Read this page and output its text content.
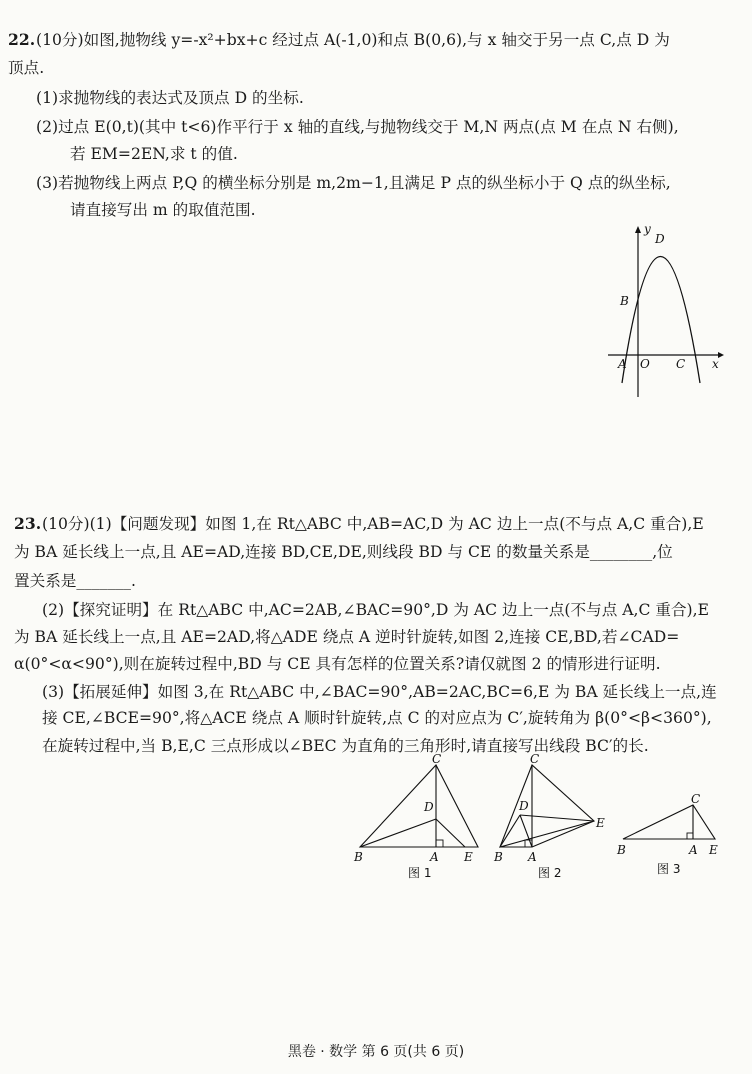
22. (10分)如图,抛物线 y=-x²+bx+c 经过点 A(-1,0)和点 B(0,6),与 x 轴交于另一点 C,点 D 为
顶点.
(1)求抛物线的表达式及顶点 D 的坐标.
(2)过点 E(0,t)(其中 t<6)作平行于 x 轴的直线,与抛物线交于 M,N 两点(点 M 在点 N 右侧),
若 EM=2EN,求 t 的值.
(3)若抛物线上两点 P,Q 的横坐标分别是 m,2m−1,且满足 P 点的纵坐标小于 Q 点的纵坐标,
请直接写出 m 的取值范围.
y
D
B
A O C x
23. (10分)(1)【问题发现】如图 1,在 Rt△ABC 中,AB=AC,D 为 AC 边上一点(不与点 A,C 重合),E
为 BA 延长线上一点,且 AE=AD,连接 BD,CE,DE,则线段 BD 与 CE 的数量关系是________,位
置关系是_______.
(2)【探究证明】在 Rt△ABC 中,AC=2AB,∠BAC=90°,D 为 AC 边上一点(不与点 A,C 重合),E
为 BA 延长线上一点,且 AE=2AD,将△ADE 绕点 A 逆时针旋转,如图 2,连接 CE,BD,若∠CAD=
α(0°<α<90°),则在旋转过程中,BD 与 CE 具有怎样的位置关系?请仅就图 2 的情形进行证明.
(3)【拓展延伸】如图 3,在 Rt△ABC 中,∠BAC=90°,AB=2AC,BC=6,E 为 BA 延长线上一点,连
接 CE,∠BCE=90°,将△ACE 绕点 A 顺时针旋转,点 C 的对应点为 C′,旋转角为 β(0°<β<360°),
在旋转过程中,当 B,E,C 三点形成以∠BEC 为直角的三角形时,请直接写出线段 BC′的长.
C
D
B	A E
图 1
C
D
E
B A
图 2
C
B	A E
图 3
黑卷 · 数学 第 6 页(共 6 页)
